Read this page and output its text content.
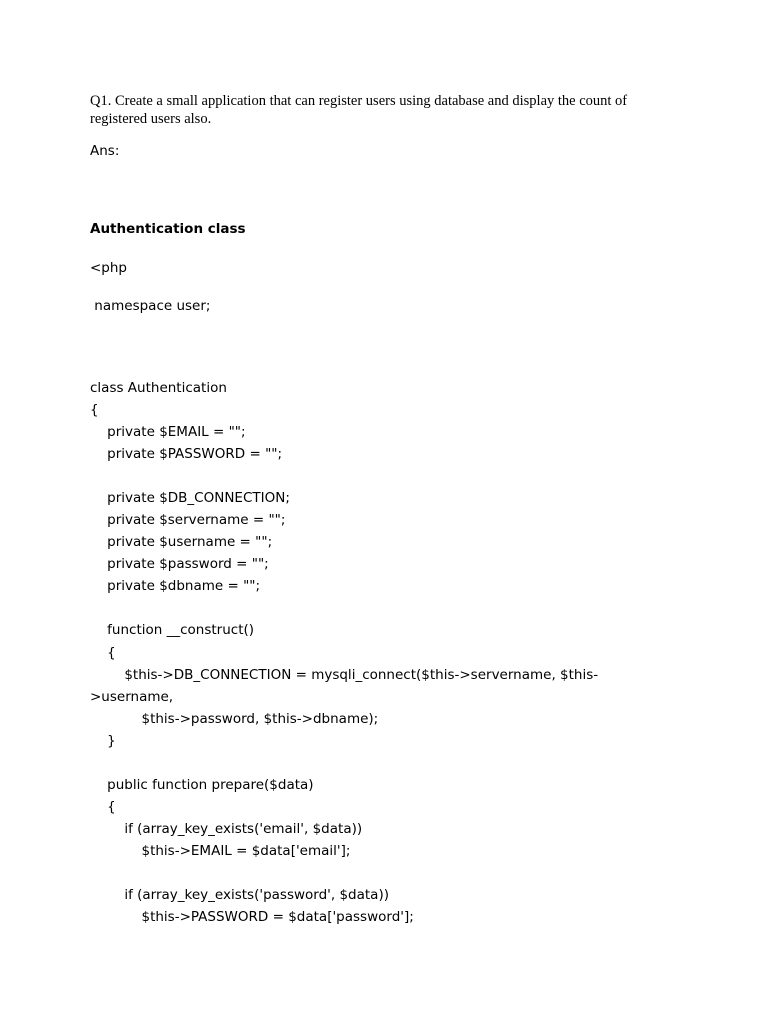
Q1. Create a small application that can register users using database and display the count of
registered users also.
Ans:
Authentication class
<php
namespace user;
class Authentication
{
private $EMAIL = "";
private $PASSWORD = "";
private $DB_CONNECTION;
private $servername = "";
private $username = "";
private $password = "";
private $dbname = "";
function __construct()
{
$this->DB_CONNECTION = mysqli_connect($this->servername, $this-
>username,
$this->password, $this->dbname);
}
public function prepare($data)
{
if (array_key_exists('email', $data))
$this->EMAIL = $data['email'];
if (array_key_exists('password', $data))
$this->PASSWORD = $data['password'];
